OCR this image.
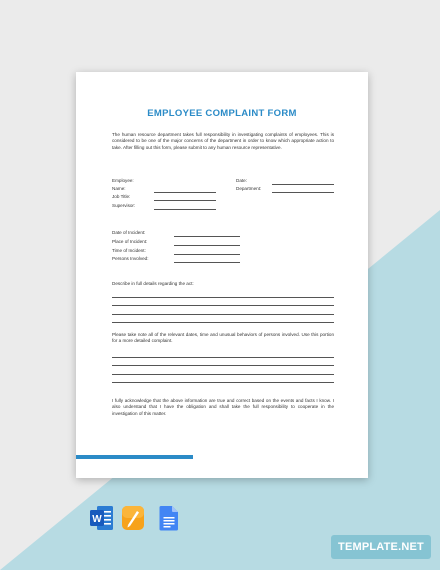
EMPLOYEE COMPLAINT FORM
The human resource department takes full responsibility in investigating complaints of employees. This is considered to be one of the major concerns of the department in order to know which appropriate action to take. After filling out this form, please submit to any human resource representative.
Employee:
Name:
Job Title:
Supervisor:
Date:
Department:
Date of Incident:
Place of Incident:
Time of Incident:
Persons Involved:
Describe in full details regarding the act:
Please take note all of the relevant dates, time and unusual behaviors of persons involved. Use this portion for a more detailed complaint.
I fully acknowledge that the above information are true and correct based on the events and facts I know. I also understand that I have the obligation and shall take the full responsibility to cooperate in the investigation of this matter.
W
TEMPLATE.NET
